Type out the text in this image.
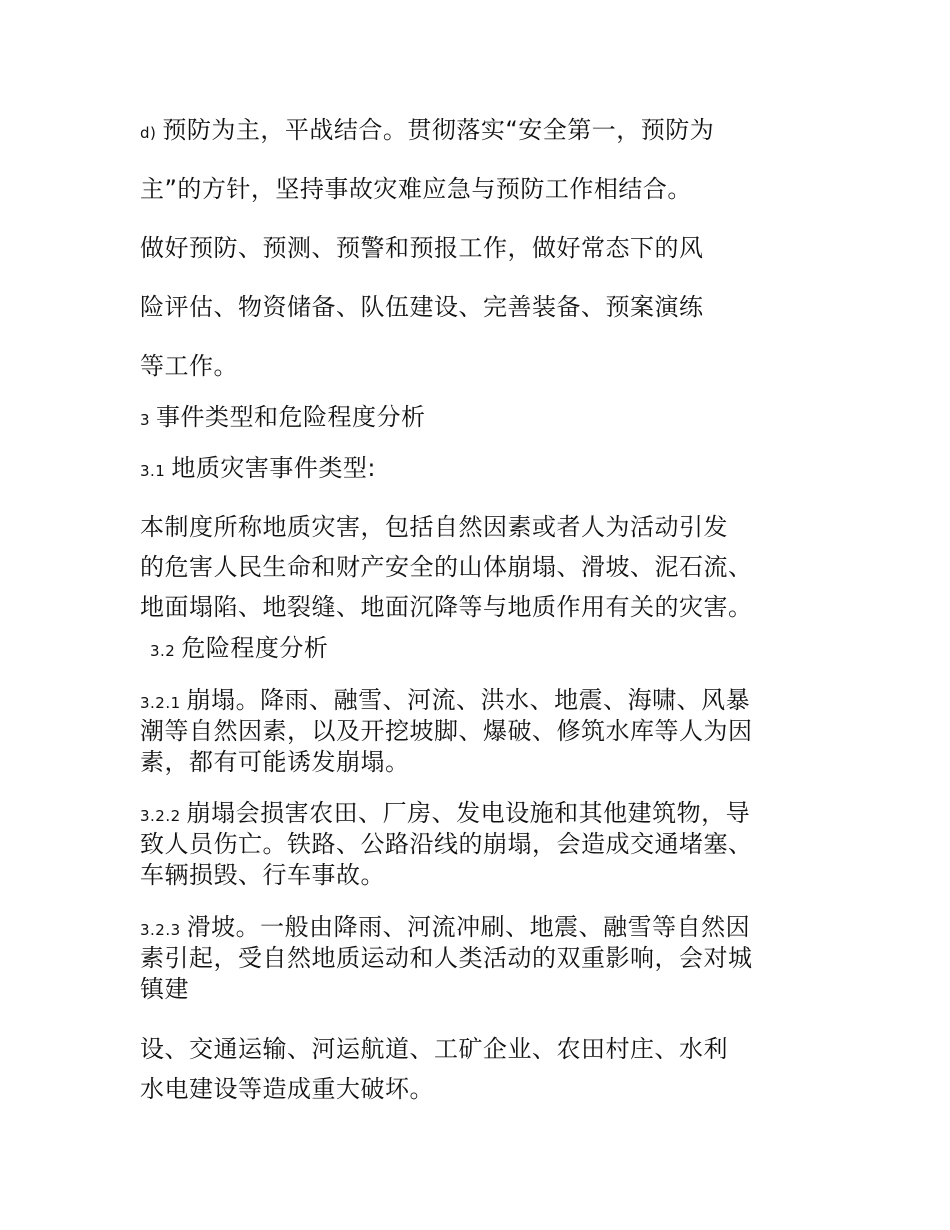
d) 预防为主，平战结合。贯彻落实“安全第一，预防为
主”的方针，坚持事故灾难应急与预防工作相结合。
做好预防、预测、预警和预报工作，做好常态下的风
险评估、物资储备、队伍建设、完善装备、预案演练
等工作。
3 事件类型和危险程度分析
3.1 地质灾害事件类型:
本制度所称地质灾害，包括自然因素或者人为活动引发
的危害人民生命和财产安全的山体崩塌、滑坡、泥石流、
地面塌陷、地裂缝、地面沉降等与地质作用有关的灾害。
3.2 危险程度分析
3.2.1 崩塌。降雨、融雪、河流、洪水、地震、海啸、风暴
潮等自然因素，以及开挖坡脚、爆破、修筑水库等人为因
素，都有可能诱发崩塌。
3.2.2 崩塌会损害农田、厂房、发电设施和其他建筑物，导
致人员伤亡。铁路、公路沿线的崩塌，会造成交通堵塞、
车辆损毁、行车事故。
3.2.3 滑坡。一般由降雨、河流冲刷、地震、融雪等自然因
素引起，受自然地质运动和人类活动的双重影响，会对城
镇建
设、交通运输、河运航道、工矿企业、农田村庄、水利
水电建设等造成重大破坏。
